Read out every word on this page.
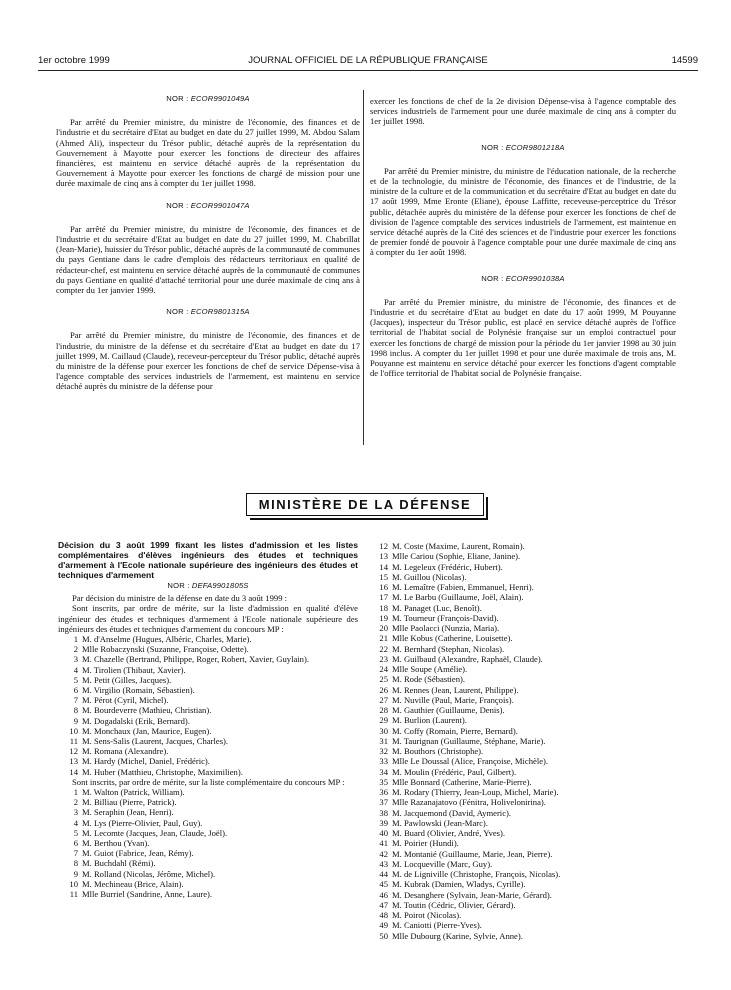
1er octobre 1999	JOURNAL OFFICIEL DE LA RÉPUBLIQUE FRANÇAISE	14599
NOR : ECOR9901049A

Par arrêté du Premier ministre, du ministre de l'économie, des finances et de l'industrie et du secrétaire d'Etat au budget en date du 27 juillet 1999, M. Abdou Salam (Ahmed Ali), inspecteur du Trésor public, détaché auprès de la représentation du Gouvernement à Mayotte pour exercer les fonctions de directeur des affaires financières, est maintenu en service détaché auprès de la représentation du Gouvernement à Mayotte pour exercer les fonctions de chargé de mission pour une durée maximale de cinq ans à compter du 1er juillet 1998.

NOR : ECOR9901047A

Par arrêté du Premier ministre, du ministre de l'économie, des finances et de l'industrie et du secrétaire d'Etat au budget en date du 27 juillet 1999, M. Chabrillat (Jean-Marie), huissier du Trésor public, détaché auprès de la communauté de communes du pays Gentiane dans le cadre d'emplois des rédacteurs territoriaux en qualité de rédacteur-chef, est maintenu en service détaché auprès de la communauté de communes du pays Gentiane en qualité d'attaché territorial pour une durée maximale de cinq ans à compter du 1er janvier 1999.

NOR : ECOR9801315A

Par arrêté du Premier ministre, du ministre de l'économie, des finances et de l'industrie, du ministre de la défense et du secrétaire d'Etat au budget en date du 17 juillet 1999, M. Caillaud (Claude), receveur-percepteur du Trésor public, détaché auprès du ministre de la défense pour exercer les fonctions de chef de service Dépense-visa à l'agence comptable des services industriels de l'armement, est maintenu en service détaché auprès du ministre de la défense pour

exercer les fonctions de chef de la 2e division Dépense-visa à l'agence comptable des services industriels de l'armement pour une durée maximale de cinq ans à compter du 1er juillet 1998.

NOR : ECOR9801218A

Par arrêté du Premier ministre, du ministre de l'éducation nationale, de la recherche et de la technologie, du ministre de l'économie, des finances et de l'industrie, de la ministre de la culture et de la communication et du secrétaire d'Etat au budget en date du 17 août 1999, Mme Eronte (Eliane), épouse Laffitte, receveuse-perceptrice du Trésor public, détachée auprès du ministère de la défense pour exercer les fonctions de chef de division de l'agence comptable des services industriels de l'armement, est maintenue en service détaché auprès de la Cité des sciences et de l'industrie pour exercer les fonctions de premier fondé de pouvoir à l'agence comptable pour une durée maximale de cinq ans à compter du 1er août 1998.

NOR : ECOR9901038A

Par arrêté du Premier ministre, du ministre de l'économie, des finances et de l'industrie et du secrétaire d'Etat au budget en date du 17 août 1999, M Pouyanne (Jacques), inspecteur du Trésor public, est placé en service détaché auprès de l'office territorial de l'habitat social de Polynésie française sur un emploi contractuel pour exercer les fonctions de chargé de mission pour la période du 1er janvier 1998 au 30 juin 1998 inclus. A compter du 1er juillet 1998 et pour une durée maximale de trois ans, M. Pouyanne est maintenu en service détaché pour exercer les fonctions d'agent comptable de l'office territorial de l'habitat social de Polynésie française.

MINISTÈRE DE LA DÉFENSE
Décision du 3 août 1999 fixant les listes d'admission et les listes complémentaires d'élèves ingénieurs des études et techniques d'armement à l'Ecole nationale supérieure des ingénieurs des études et techniques d'armement
NOR : DEFA9901805S

Par décision du ministre de la défense en date du 3 août 1999 :

Sont inscrits, par ordre de mérite, sur la liste d'admission en qualité d'élève ingénieur des études et techniques d'armement à l'Ecole nationale supérieure des ingénieurs des études et techniques d'armement du concours MP :

1 M. d'Anselme (Hugues, Albéric, Charles, Marie).
2 Mlle Robaczynski (Suzanne, Françoise, Odette).
3 M. Chazelle (Bertrand, Philippe, Roger, Robert, Xavier, Guylain).
4 M. Tirolien (Thibaut, Xavier).
5 M. Petit (Gilles, Jacques).
6 M. Virgilio (Romain, Sébastien).
7 M. Pérot (Cyril, Michel).
8 M. Bourdeverre (Mathieu, Christian).
9 M. Dogadalski (Erik, Bernard).
10 M. Monchaux (Jan, Maurice, Eugen).
11 M. Sens-Salis (Laurent, Jacques, Charles).
12 M. Romana (Alexandre).
13 M. Hardy (Michel, Daniel, Frédéric).
14 M. Huber (Matthieu, Christophe, Maximilien).

Sont inscrits, par ordre de mérite, sur la liste complémentaire du concours MP :

1 M. Walton (Patrick, William).
2 M. Billiau (Pierre, Patrick).
3 M. Seraphin (Jean, Henri).
4 M. Lys (Pierre-Olivier, Paul, Guy).
5 M. Lecomte (Jacques, Jean, Claude, Joël).
6 M. Berthou (Yvan).
7 M. Guiot (Fabrice, Jean, Rémy).
8 M. Buchdahl (Rémi).
9 M. Rolland (Nicolas, Jérôme, Michel).
10 M. Mechineau (Brice, Alain).
11 Mlle Burriel (Sandrine, Anne, Laure).
12 M. Coste (Maxime, Laurent, Romain).
13 Mlle Cariou (Sophie, Eliane, Janine).
14 M. Legeleux (Frédéric, Hubert).
15 M. Guillou (Nicolas).
16 M. Lemaître (Fabien, Emmanuel, Henri).
17 M. Le Barbu (Guillaume, Joël, Alain).
18 M. Panaget (Luc, Benoît).
19 M. Tourneur (François-David).
20 Mlle Paolacci (Nunzia, Maria).
21 Mlle Kobus (Catherine, Louisette).
22 M. Bernhard (Stephan, Nicolas).
23 M. Guilbaud (Alexandre, Raphaël, Claude).
24 Mlle Soupe (Amélie).
25 M. Rode (Sébastien).
26 M. Rennes (Jean, Laurent, Philippe).
27 M. Nuville (Paul, Marie, François).
28 M. Gauthier (Guillaume, Denis).
29 M. Burlion (Laurent).
30 M. Coffy (Romain, Pierre, Bernard).
31 M. Taurignan (Guillaume, Stéphane, Marie).
32 M. Bouthors (Christophe).
33 Mlle Le Doussal (Alice, Françoise, Michèle).
34 M. Moulin (Frédéric, Paul, Gilbert).
35 Mlle Bonnard (Catherine, Marie-Pierre).
36 M. Rodary (Thierry, Jean-Loup, Michel, Marie).
37 Mlle Razanajatovo (Fénitra, Holivelonirina).
38 M. Jacquemond (David, Aymeric).
39 M. Pawlowski (Jean-Marc).
40 M. Buard (Olivier, André, Yves).
41 M. Poirier (Hundi).
42 M. Montanié (Guillaume, Marie, Jean, Pierre).
43 M. Locqueville (Marc, Guy).
44 M. de Ligniville (Christophe, François, Nicolas).
45 M. Kubrak (Damien, Wladys, Cyrille).
46 M. Desanghere (Sylvain, Jean-Marie, Gérard).
47 M. Toutin (Cédric, Olivier, Gérard).
48 M. Poirot (Nicolas).
49 M. Caniotti (Pierre-Yves).
50 Mlle Dubourg (Karine, Sylvie, Anne).
